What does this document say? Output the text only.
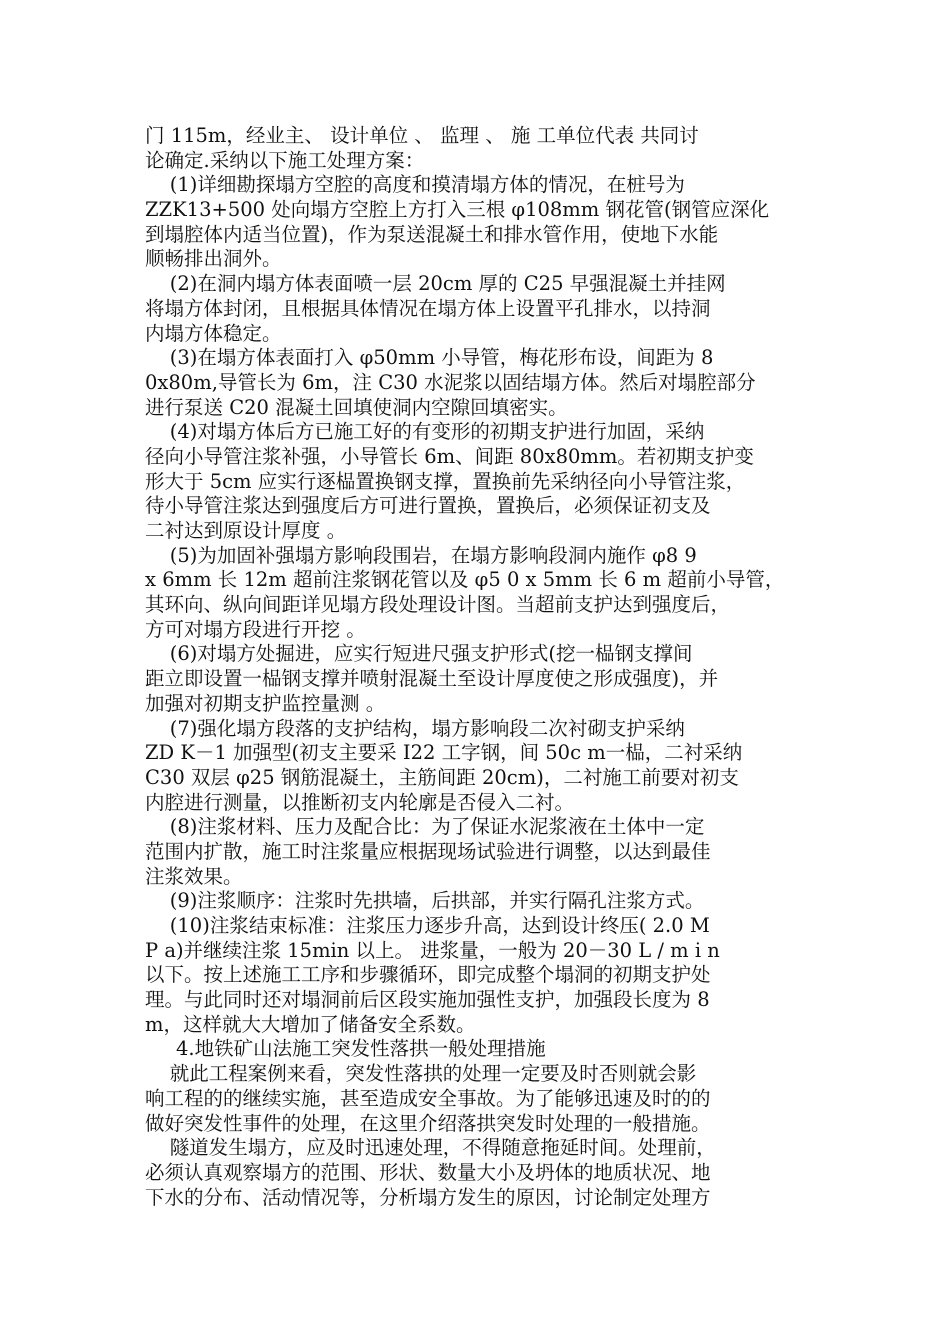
门 115m，经业主、 设计单位 、 监理 、 施 工单位代表 共同讨
论确定.采纳以下施工处理方案：
(1)详细勘探塌方空腔的高度和摸清塌方体的情况，在桩号为
ZZK13+500 处向塌方空腔上方打入三根 φ108mm 钢花管(钢管应深化
到塌腔体内适当位置)，作为泵送混凝土和排水管作用，使地下水能
顺畅排出洞外。
(2)在洞内塌方体表面喷一层 20cm 厚的 C25 早强混凝土并挂网
将塌方体封闭，且根据具体情况在塌方体上设置平孔排水，以持洞
内塌方体稳定。
(3)在塌方体表面打入 φ50mm 小导管，梅花形布设，间距为 8
0x80m,导管长为 6m，注 C30 水泥浆以固结塌方体。然后对塌腔部分
进行泵送 C20 混凝土回填使洞内空隙回填密实。
(4)对塌方体后方已施工好的有变形的初期支护进行加固，采纳
径向小导管注浆补强，小导管长 6m、间距 80x80mm。若初期支护变
形大于 5cm 应实行逐榀置换钢支撑，置换前先采纳径向小导管注浆，
待小导管注浆达到强度后方可进行置换，置换后，必须保证初支及
二衬达到原设计厚度 。
(5)为加固补强塌方影响段围岩，在塌方影响段洞内施作 φ8 9
x 6mm 长 12m 超前注浆钢花管以及 φ5 0 x 5mm 长 6 m 超前小导管，
其环向、纵向间距详见塌方段处理设计图。当超前支护达到强度后，
方可对塌方段进行开挖 。
(6)对塌方处掘进，应实行短进尺强支护形式(挖一榀钢支撑间
距立即设置一榀钢支撑并喷射混凝土至设计厚度使之形成强度)，并
加强对初期支护监控量测 。
(7)强化塌方段落的支护结构，塌方影响段二次衬砌支护采纳
ZD K－1 加强型(初支主要采 I22 工字钢，间 50c m一榀，二衬采纳
C30 双层 φ25 钢筋混凝土，主筋间距 20cm)，二衬施工前要对初支
内腔进行测量，以推断初支内轮廓是否侵入二衬。
(8)注浆材料、压力及配合比：为了保证水泥浆液在土体中一定
范围内扩散，施工时注浆量应根据现场试验进行调整，以达到最佳
注浆效果。
(9)注浆顺序：注浆时先拱墙，后拱部，并实行隔孔注浆方式。
(10)注浆结束标准：注浆压力逐步升高，达到设计终压( 2.0 M
P a)并继续注浆 15min 以上。 进浆量，一般为 20－30 L / m i n
以下。按上述施工工序和步骤循环，即完成整个塌洞的初期支护处
理。与此同时还对塌洞前后区段实施加强性支护，加强段长度为 8
m，这样就大大增加了储备安全系数。
4.地铁矿山法施工突发性落拱一般处理措施
就此工程案例来看，突发性落拱的处理一定要及时否则就会影
响工程的的继续实施，甚至造成安全事故。为了能够迅速及时的的
做好突发性事件的处理，在这里介绍落拱突发时处理的一般措施。
隧道发生塌方，应及时迅速处理，不得随意拖延时间。处理前，
必须认真观察塌方的范围、形状、数量大小及坍体的地质状况、地
下水的分布、活动情况等，分析塌方发生的原因，讨论制定处理方
